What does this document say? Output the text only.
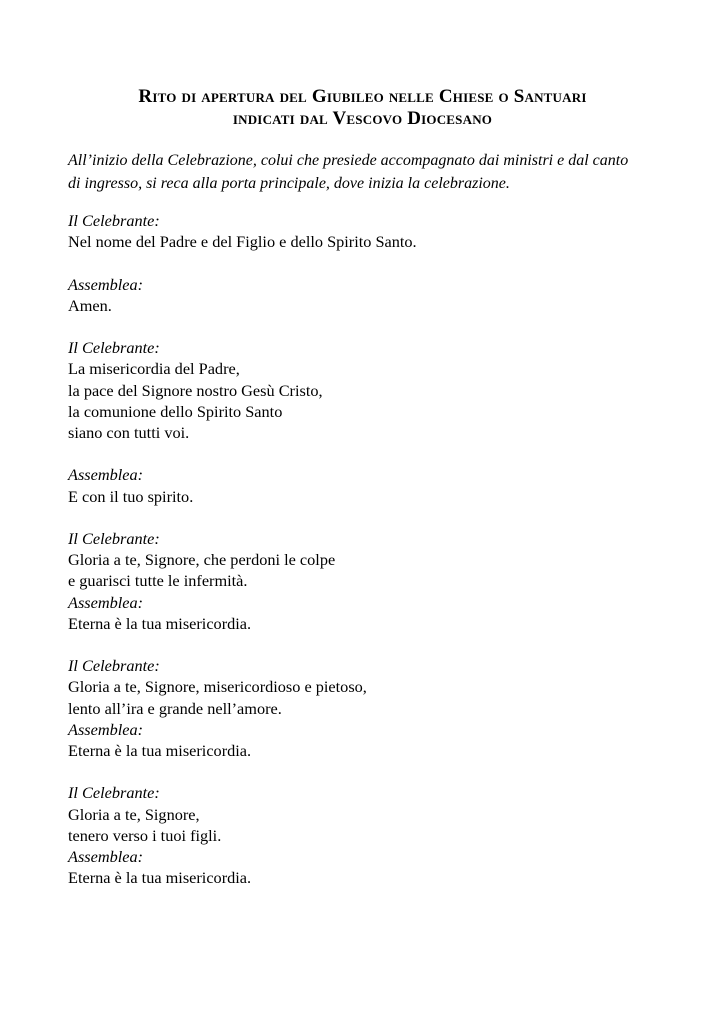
Rito di apertura del Giubileo nelle Chiese o Santuari
indicati dal Vescovo Diocesano

All’inizio della Celebrazione, colui che presiede accompagnato dai ministri e dal canto
di ingresso, si reca alla porta principale, dove inizia la celebrazione.

Il Celebrante:
Nel nome del Padre e del Figlio e dello Spirito Santo.
Assemblea:
Amen.
Il Celebrante:
La misericordia del Padre,
la pace del Signore nostro Gesù Cristo,
la comunione dello Spirito Santo
siano con tutti voi.
Assemblea:
E con il tuo spirito.
Il Celebrante:
Gloria a te, Signore, che perdoni le colpe
e guarisci tutte le infermità.
Assemblea:
Eterna è la tua misericordia.
Il Celebrante:
Gloria a te, Signore, misericordioso e pietoso,
lento all’ira e grande nell’amore.
Assemblea:
Eterna è la tua misericordia.
Il Celebrante:
Gloria a te, Signore,
tenero verso i tuoi figli.
Assemblea:
Eterna è la tua misericordia.
